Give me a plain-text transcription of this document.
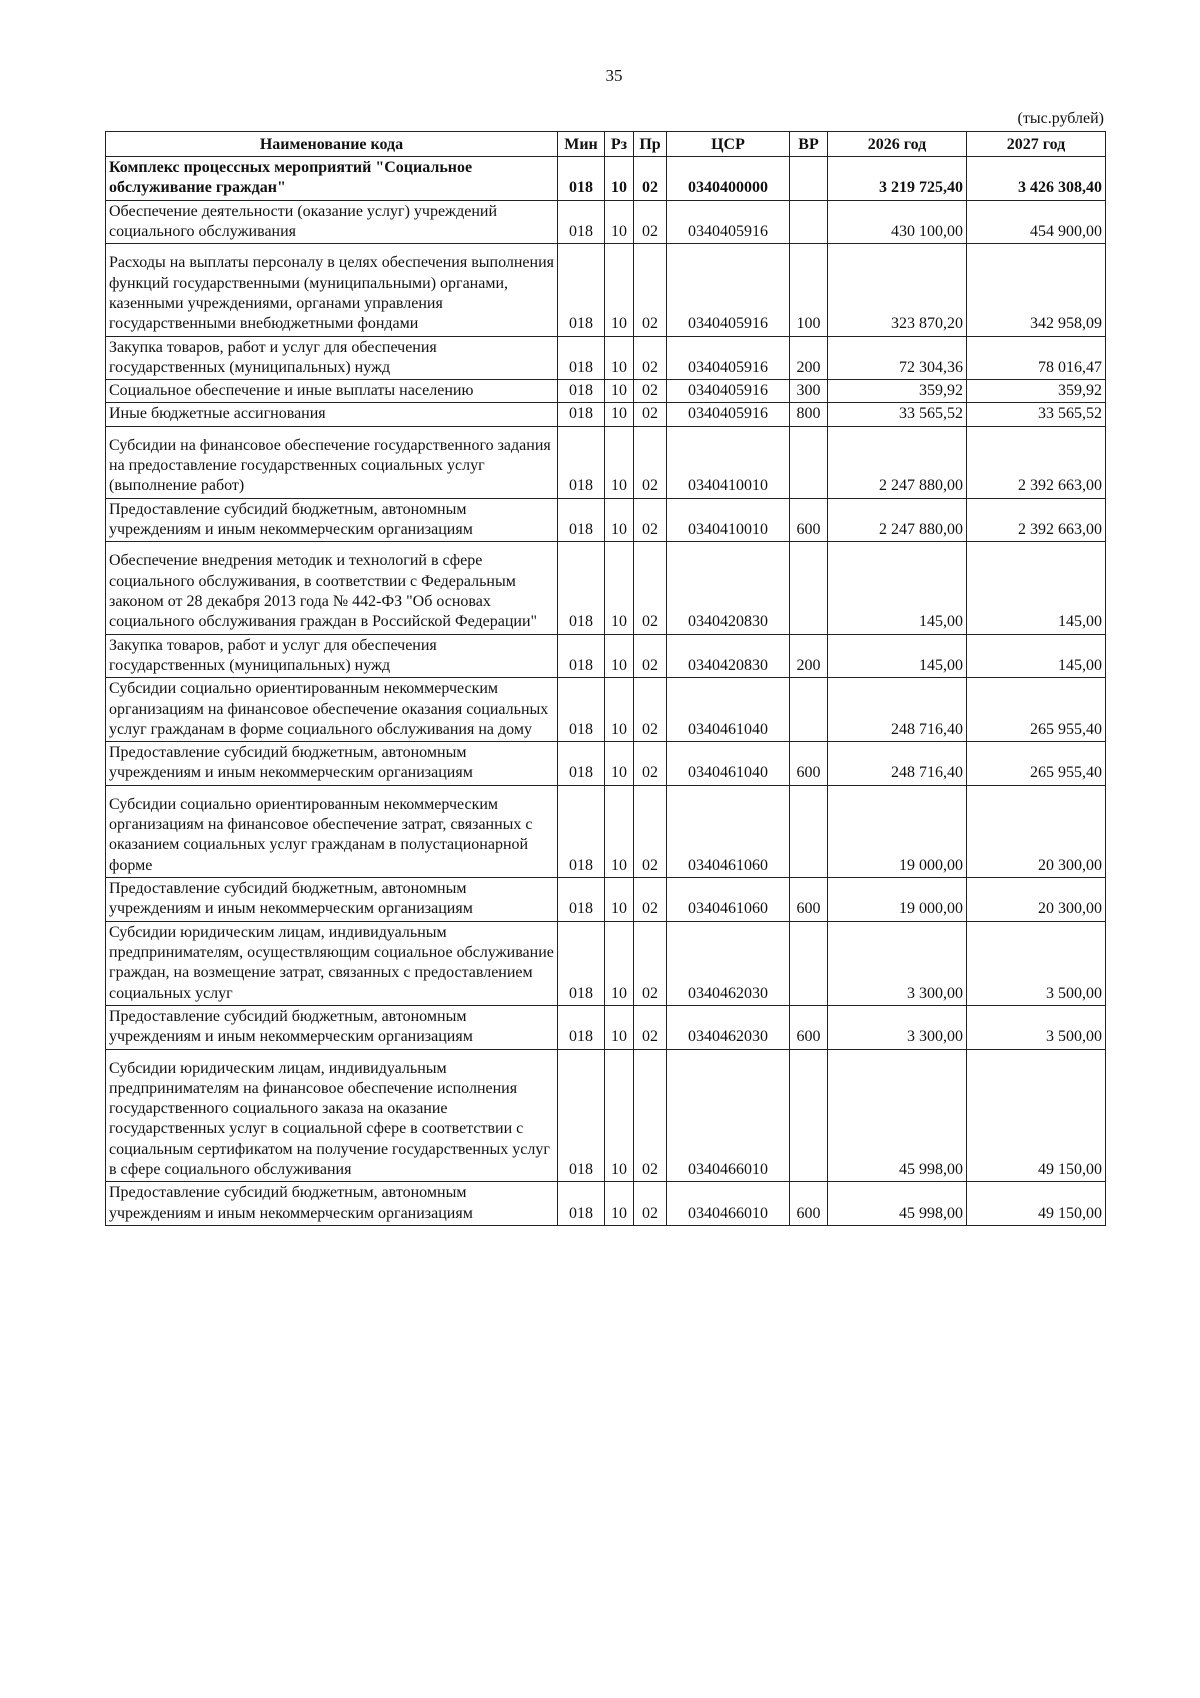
35
(тыс.рублей)
Наименование кода	Мин	Рз	Пр	ЦСР	ВР	2026 год	2027 год
Комплекс процессных мероприятий "Социальное обслуживание граждан"	018	10	02	0340400000		3 219 725,40	3 426 308,40
Обеспечение деятельности (оказание услуг) учреждений социального обслуживания	018	10	02	0340405916		430 100,00	454 900,00
Расходы на выплаты персоналу в целях обеспечения выполнения функций государственными (муниципальными) органами, казенными учреждениями, органами управления государственными внебюджетными фондами	018	10	02	0340405916	100	323 870,20	342 958,09
Закупка товаров, работ и услуг для обеспечения государственных (муниципальных) нужд	018	10	02	0340405916	200	72 304,36	78 016,47
Социальное обеспечение и иные выплаты населению	018	10	02	0340405916	300	359,92	359,92
Иные бюджетные ассигнования	018	10	02	0340405916	800	33 565,52	33 565,52
Субсидии на финансовое обеспечение государственного задания на предоставление государственных социальных услуг (выполнение работ)	018	10	02	0340410010		2 247 880,00	2 392 663,00
Предоставление субсидий бюджетным, автономным учреждениям и иным некоммерческим организациям	018	10	02	0340410010	600	2 247 880,00	2 392 663,00
Обеспечение внедрения методик и технологий в сфере социального обслуживания, в соответствии с Федеральным законом от 28 декабря 2013 года № 442-ФЗ "Об основах социального обслуживания граждан в Российской Федерации"	018	10	02	0340420830		145,00	145,00
Закупка товаров, работ и услуг для обеспечения государственных (муниципальных) нужд	018	10	02	0340420830	200	145,00	145,00
Субсидии социально ориентированным некоммерческим организациям на финансовое обеспечение оказания социальных услуг гражданам в форме социального обслуживания на дому	018	10	02	0340461040		248 716,40	265 955,40
Предоставление субсидий бюджетным, автономным учреждениям и иным некоммерческим организациям	018	10	02	0340461040	600	248 716,40	265 955,40
Субсидии социально ориентированным некоммерческим организациям на финансовое обеспечение затрат, связанных с оказанием социальных услуг гражданам в полустационарной форме	018	10	02	0340461060		19 000,00	20 300,00
Предоставление субсидий бюджетным, автономным учреждениям и иным некоммерческим организациям	018	10	02	0340461060	600	19 000,00	20 300,00
Субсидии юридическим лицам, индивидуальным предпринимателям, осуществляющим социальное обслуживание граждан, на возмещение затрат, связанных с предоставлением социальных услуг	018	10	02	0340462030		3 300,00	3 500,00
Предоставление субсидий бюджетным, автономным учреждениям и иным некоммерческим организациям	018	10	02	0340462030	600	3 300,00	3 500,00
Субсидии юридическим лицам, индивидуальным предпринимателям на финансовое обеспечение исполнения государственного социального заказа на оказание государственных услуг в социальной сфере в соответствии с социальным сертификатом на получение государственных услуг в сфере социального обслуживания	018	10	02	0340466010		45 998,00	49 150,00
Предоставление субсидий бюджетным, автономным учреждениям и иным некоммерческим организациям	018	10	02	0340466010	600	45 998,00	49 150,00
